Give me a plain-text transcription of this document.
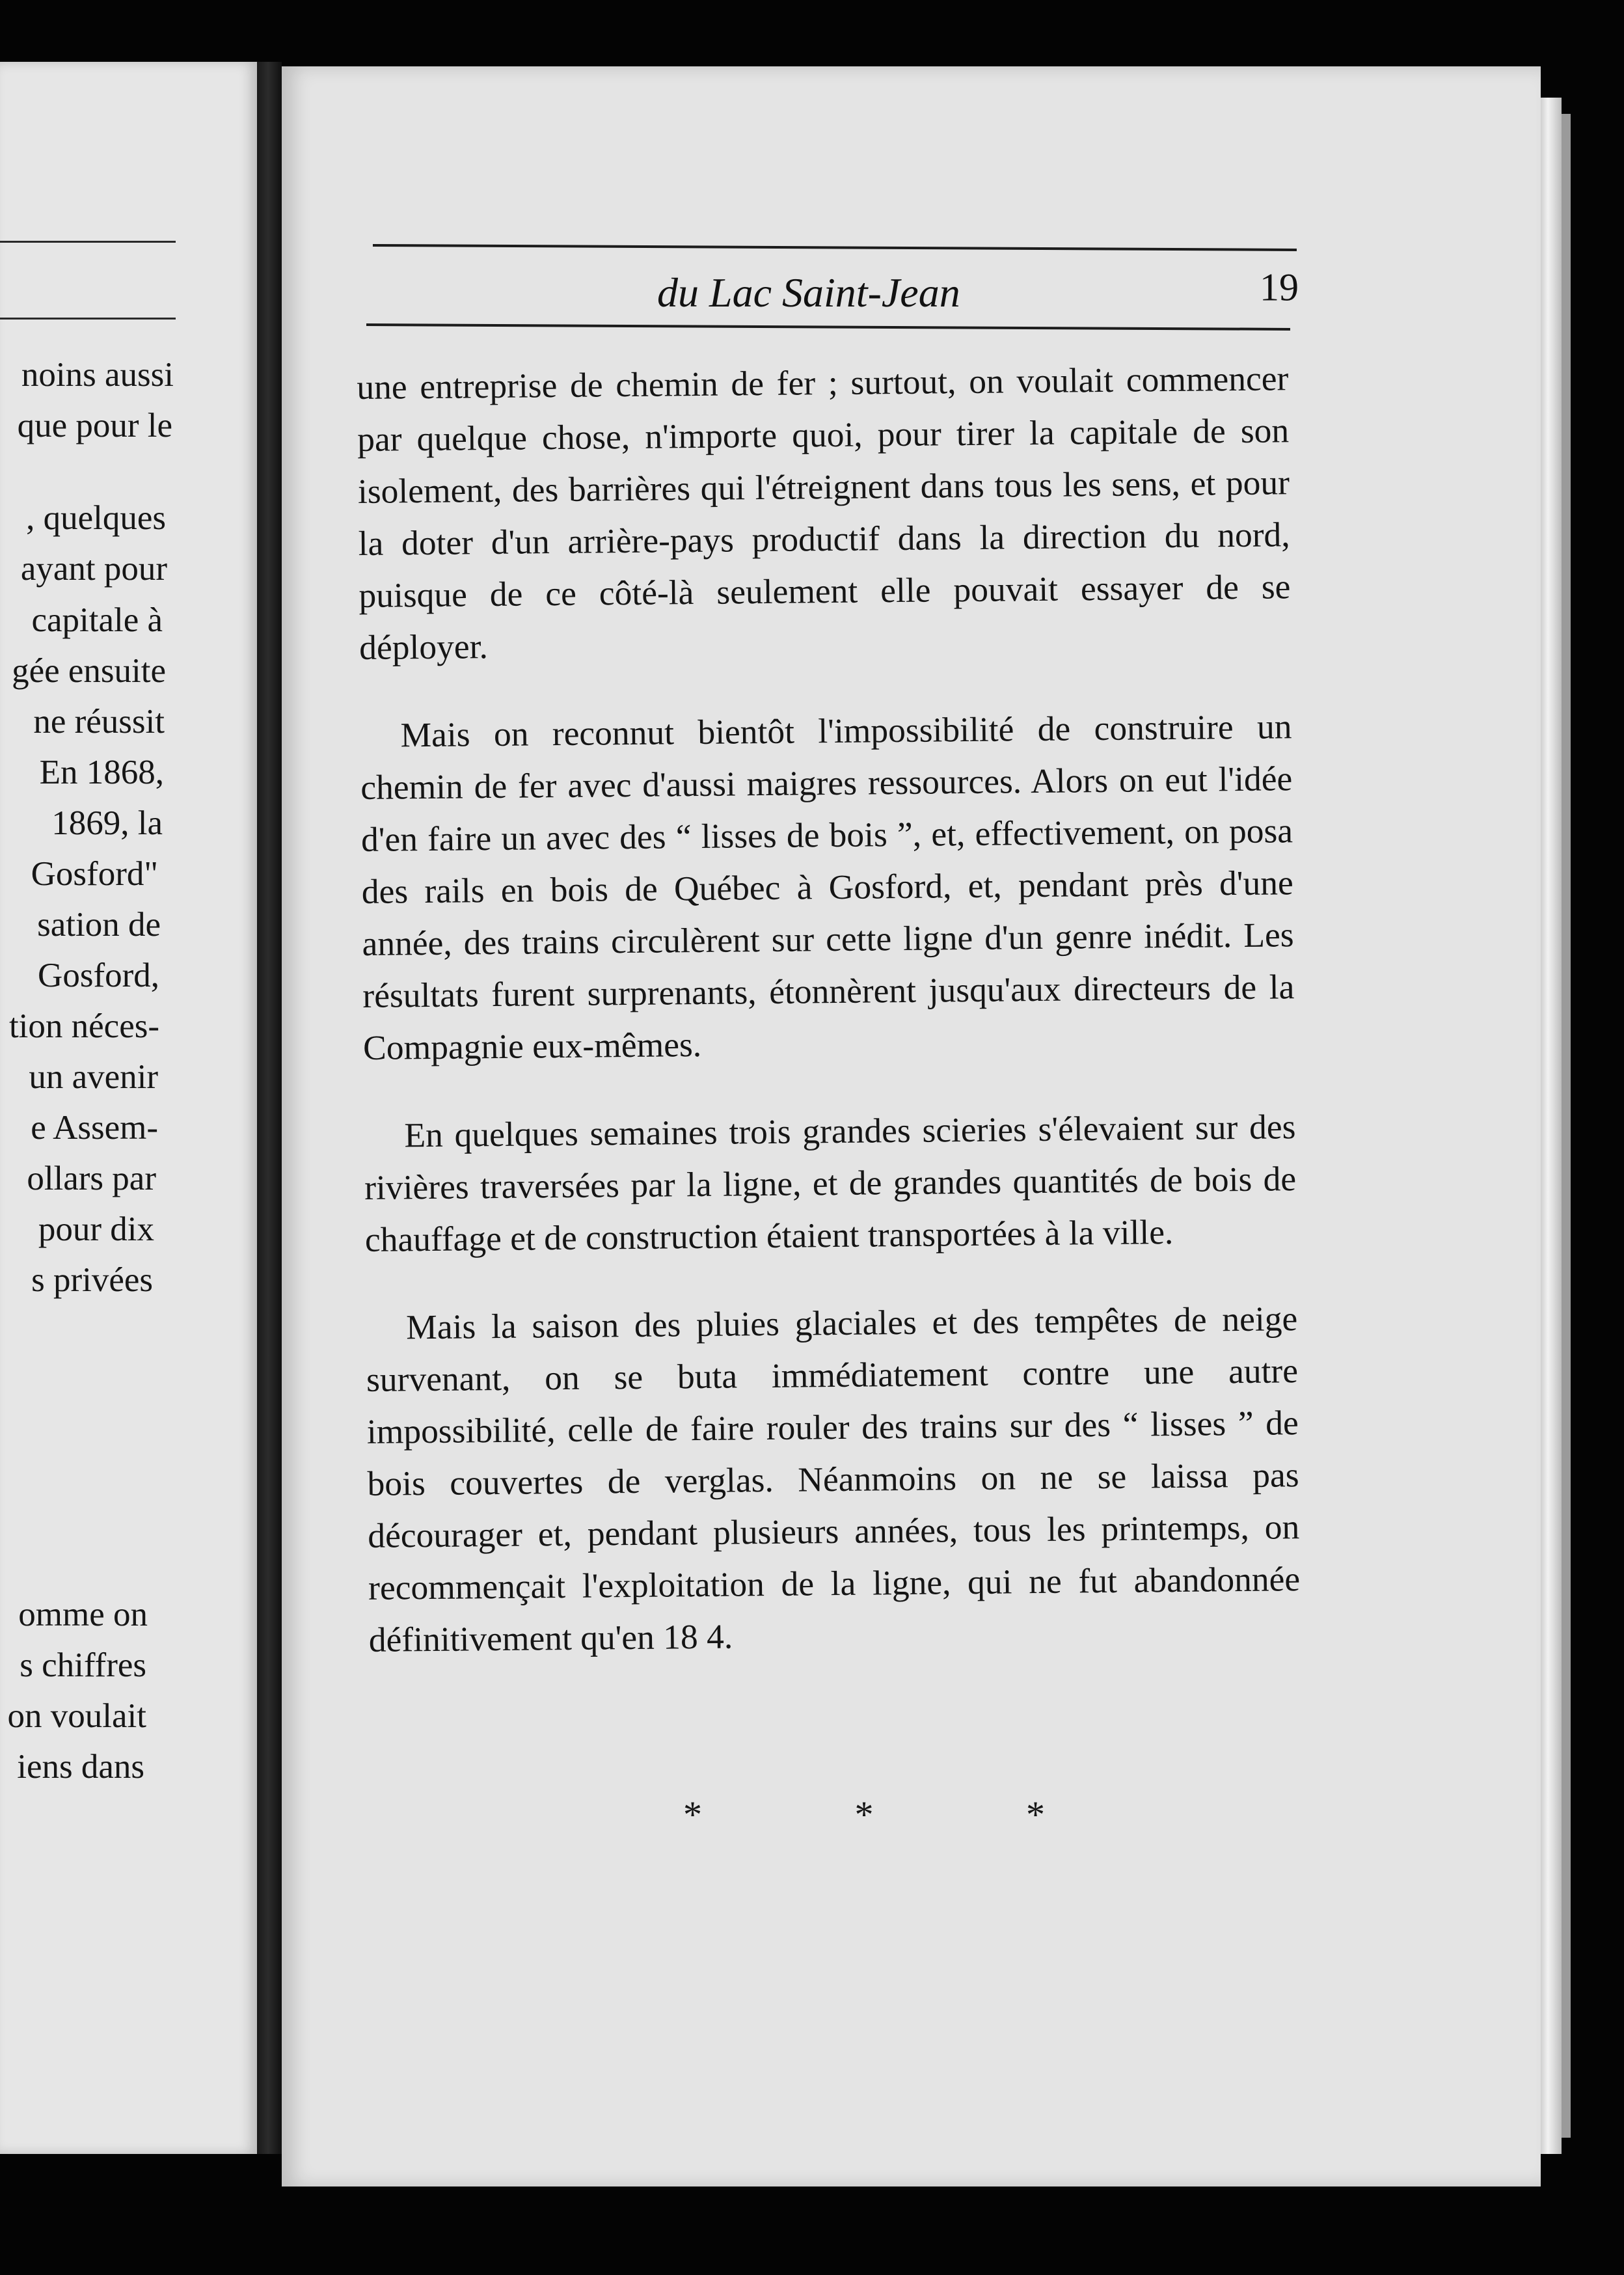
noins aussi
que pour le
, quelques
ayant pour
capitale à
gée ensuite
ne réussit
En 1868,
1869, la
Gosford"
sation de
Gosford,
tion néces-
un avenir
e Assem-
ollars par
pour dix
s privées
omme on
s chiffres
on voulait
iens dans
du Lac Saint-Jean	19

une entreprise de chemin de fer ; surtout, on voulait commencer par quelque chose, n'importe quoi, pour tirer la capitale de son isolement, des barrières qui l'étreignent dans tous les sens, et pour la doter d'un arrière-pays productif dans la direction du nord, puisque de ce côté-là seulement elle pouvait essayer de se déployer.

Mais on reconnut bientôt l'impossibilité de construire un chemin de fer avec d'aussi maigres ressources. Alors on eut l'idée d'en faire un avec des “ lisses de bois ”, et, effectivement, on posa des rails en bois de Québec à Gosford, et, pendant près d'une année, des trains circulèrent sur cette ligne d'un genre inédit. Les résultats furent surprenants, étonnèrent jusqu'aux directeurs de la Compagnie eux-mêmes.

En quelques semaines trois grandes scieries s'élevaient sur des rivières traversées par la ligne, et de grandes quantités de bois de chauffage et de construction étaient transportées à la ville.

Mais la saison des pluies glaciales et des tempêtes de neige survenant, on se buta immédiatement contre une autre impossibilité, celle de faire rouler des trains sur des “ lisses ” de bois couvertes de verglas. Néanmoins on ne se laissa pas décourager et, pendant plusieurs années, tous les printemps, on recommençait l'exploitation de la ligne, qui ne fut abandonnée définitivement qu'en 18 4.

* * *
